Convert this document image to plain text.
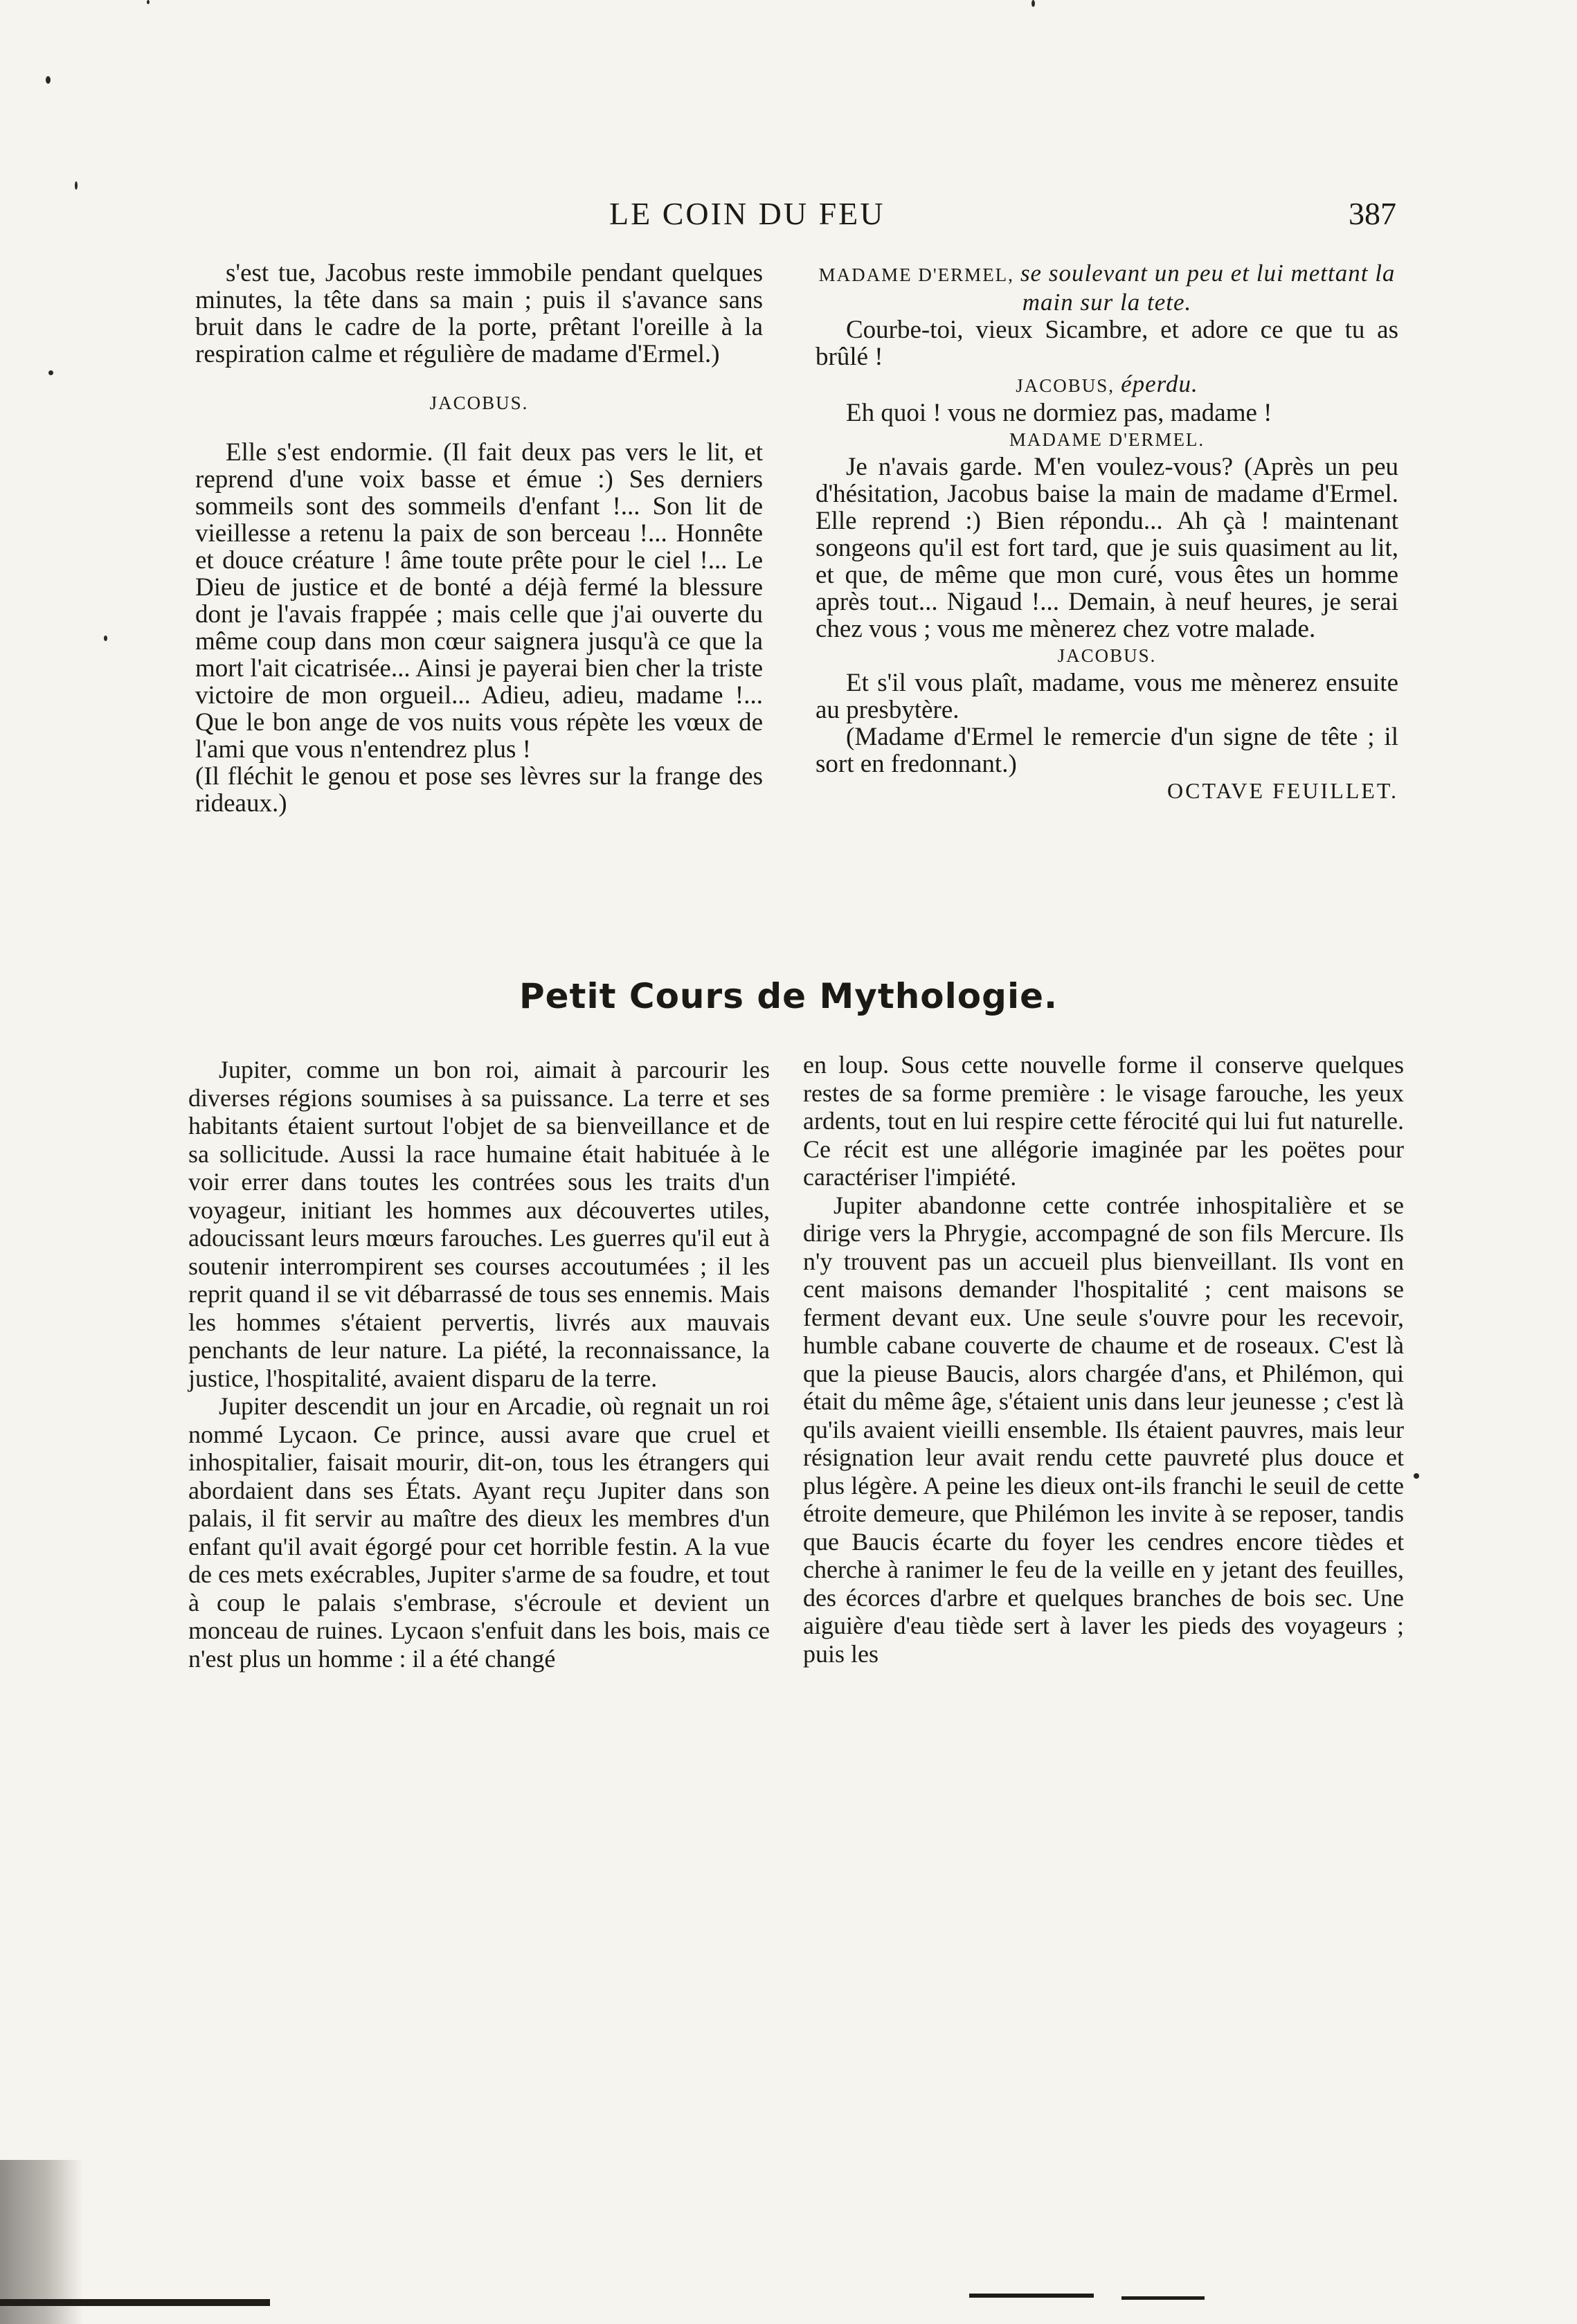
LE COIN DU FEU	387

s'est tue, Jacobus reste immobile pendant quelques minutes, la tête dans sa main ; puis il s'avance sans bruit dans le cadre de la porte, prêtant l'oreille à la respiration calme et régulière de madame d'Ermel.)

JACOBUS.

Elle s'est endormie. (Il fait deux pas vers le lit, et reprend d'une voix basse et émue :) Ses derniers sommeils sont des sommeils d'enfant !... Son lit de vieillesse a retenu la paix de son berceau !... Honnête et douce créature ! âme toute prête pour le ciel !... Le Dieu de justice et de bonté a déjà fermé la blessure dont je l'avais frappée ; mais celle que j'ai ouverte du même coup dans mon cœur saignera jusqu'à ce que la mort l'ait cicatrisée... Ainsi je payerai bien cher la triste victoire de mon orgueil... Adieu, adieu, madame !... Que le bon ange de vos nuits vous répète les vœux de l'ami que vous n'entendrez plus !

(Il fléchit le genou et pose ses lèvres sur la frange des rideaux.)

MADAME D'ERMEL, se soulevant un peu et lui mettant la main sur la tete.

Courbe-toi, vieux Sicambre, et adore ce que tu as brûlé !

JACOBUS, éperdu.

Eh quoi ! vous ne dormiez pas, madame !

MADAME D'ERMEL.

Je n'avais garde. M'en voulez-vous? (Après un peu d'hésitation, Jacobus baise la main de madame d'Ermel. Elle reprend :) Bien répondu... Ah çà ! maintenant songeons qu'il est fort tard, que je suis quasiment au lit, et que, de même que mon curé, vous êtes un homme après tout... Nigaud !... Demain, à neuf heures, je serai chez vous ; vous me mènerez chez votre malade.

JACOBUS.

Et s'il vous plaît, madame, vous me mènerez ensuite au presbytère.

(Madame d'Ermel le remercie d'un signe de tête ; il sort en fredonnant.)

OCTAVE FEUILLET.

Petit Cours de Mythologie.

Jupiter, comme un bon roi, aimait à parcourir les diverses régions soumises à sa puissance. La terre et ses habitants étaient surtout l'objet de sa bienveillance et de sa sollicitude. Aussi la race humaine était habituée à le voir errer dans toutes les contrées sous les traits d'un voyageur, initiant les hommes aux découvertes utiles, adoucissant leurs mœurs farouches. Les guerres qu'il eut à soutenir interrompirent ses courses accoutumées ; il les reprit quand il se vit débarrassé de tous ses ennemis. Mais les hommes s'étaient pervertis, livrés aux mauvais penchants de leur nature. La piété, la reconnaissance, la justice, l'hospitalité, avaient disparu de la terre.

Jupiter descendit un jour en Arcadie, où regnait un roi nommé Lycaon. Ce prince, aussi avare que cruel et inhospitalier, faisait mourir, dit-on, tous les étrangers qui abordaient dans ses États. Ayant reçu Jupiter dans son palais, il fit servir au maître des dieux les membres d'un enfant qu'il avait égorgé pour cet horrible festin. A la vue de ces mets exécrables, Jupiter s'arme de sa foudre, et tout à coup le palais s'embrase, s'écroule et devient un monceau de ruines. Lycaon s'enfuit dans les bois, mais ce n'est plus un homme : il a été changé

en loup. Sous cette nouvelle forme il conserve quelques restes de sa forme première : le visage farouche, les yeux ardents, tout en lui respire cette férocité qui lui fut naturelle. Ce récit est une allégorie imaginée par les poëtes pour caractériser l'impiété.

Jupiter abandonne cette contrée inhospitalière et se dirige vers la Phrygie, accompagné de son fils Mercure. Ils n'y trouvent pas un accueil plus bienveillant. Ils vont en cent maisons demander l'hospitalité ; cent maisons se ferment devant eux. Une seule s'ouvre pour les recevoir, humble cabane couverte de chaume et de roseaux. C'est là que la pieuse Baucis, alors chargée d'ans, et Philémon, qui était du même âge, s'étaient unis dans leur jeunesse ; c'est là qu'ils avaient vieilli ensemble. Ils étaient pauvres, mais leur résignation leur avait rendu cette pauvreté plus douce et plus légère. A peine les dieux ont-ils franchi le seuil de cette étroite demeure, que Philémon les invite à se reposer, tandis que Baucis écarte du foyer les cendres encore tièdes et cherche à ranimer le feu de la veille en y jetant des feuilles, des écorces d'arbre et quelques branches de bois sec. Une aiguière d'eau tiède sert à laver les pieds des voyageurs ; puis les
